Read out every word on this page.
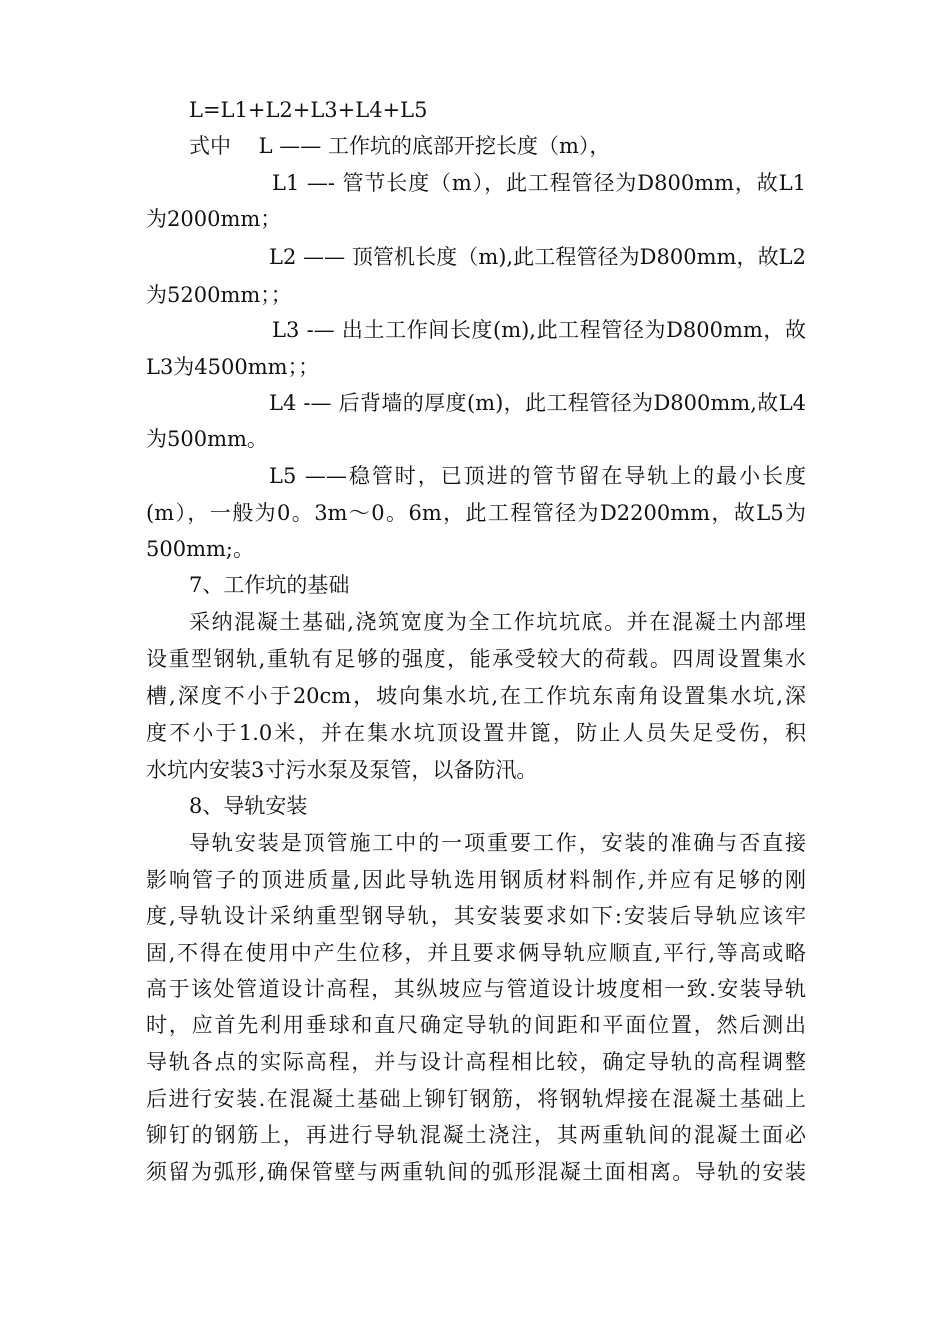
L=L1+L2+L3+L4+L5
式中　 L —— 工作坑的底部开挖长度（m），
L1 —- 管节长度（m），此工程管径为D800mm，故L1
为2000mm；
L2 —— 顶管机长度（m),此工程管径为D800mm，故L2
为5200mm；；
L3 -— 出土工作间长度(m),此工程管径为D800mm，故
L3为4500mm；；
L4 -— 后背墙的厚度(m)，此工程管径为D800mm,故L4
为500mm。
L5 ——稳管时，已顶进的管节留在导轨上的最小长度
(m），一般为0。3m～0。6m，此工程管径为D2200mm，故L5为
500mm;。
7、工作坑的基础
采纳混凝土基础,浇筑宽度为全工作坑坑底。并在混凝土内部埋
设重型钢轨,重轨有足够的强度，能承受较大的荷载。四周设置集水
槽,深度不小于20cm，坡向集水坑,在工作坑东南角设置集水坑,深
度不小于1.0米，并在集水坑顶设置井篦，防止人员失足受伤，积
水坑内安装3寸污水泵及泵管，以备防汛。
8、导轨安装
导轨安装是顶管施工中的一项重要工作，安装的准确与否直接
影响管子的顶进质量,因此导轨选用钢质材料制作,并应有足够的刚
度,导轨设计采纳重型钢导轨，其安装要求如下:安装后导轨应该牢
固,不得在使用中产生位移，并且要求俩导轨应顺直,平行,等高或略
高于该处管道设计高程，其纵坡应与管道设计坡度相一致.安装导轨
时，应首先利用垂球和直尺确定导轨的间距和平面位置，然后测出
导轨各点的实际高程，并与设计高程相比较，确定导轨的高程调整
后进行安装.在混凝土基础上铆钉钢筋，将钢轨焊接在混凝土基础上
铆钉的钢筋上，再进行导轨混凝土浇注，其两重轨间的混凝土面必
须留为弧形,确保管壁与两重轨间的弧形混凝土面相离。导轨的安装
